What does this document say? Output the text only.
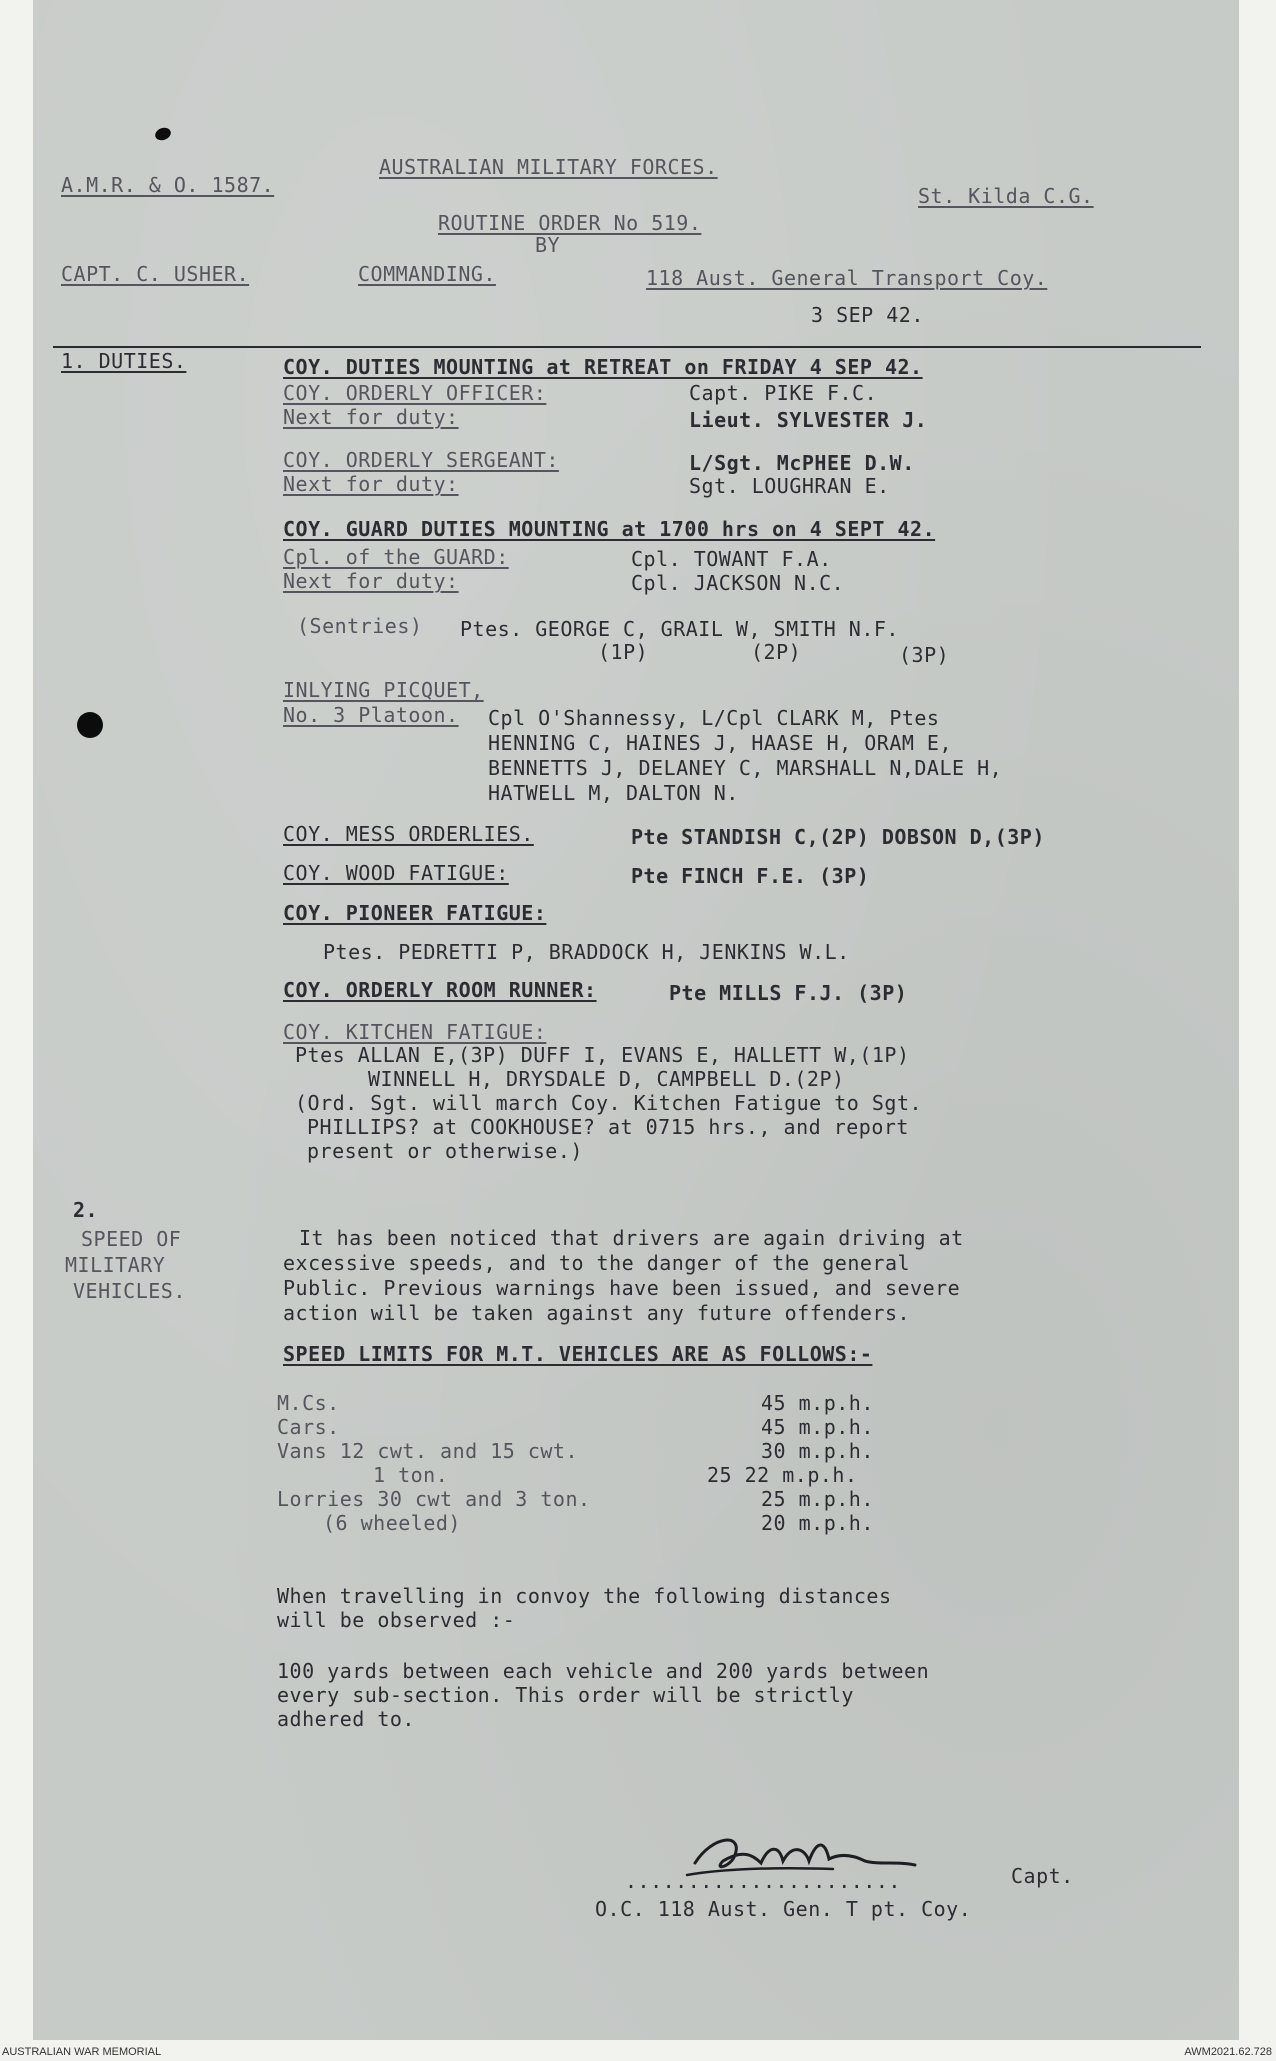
A.M.R. & O. 1587.
AUSTRALIAN MILITARY FORCES.
St. Kilda C.G.
ROUTINE ORDER No 519.
BY
CAPT. C. USHER.	COMMANDING.	118 Aust. General Transport Coy.
3 SEP 42.
1. DUTIES.	COY. DUTIES MOUNTING at RETREAT on FRIDAY 4 SEP 42.
COY. ORDERLY OFFICER:	Capt. PIKE F.C.
Next for duty:	Lieut. SYLVESTER J.
COY. ORDERLY SERGEANT:	L/Sgt. McPHEE D.W.
Next for duty:	Sgt. LOUGHRAN E.
COY. GUARD DUTIES MOUNTING at 1700 hrs on 4 SEPT 42.
Cpl. of the GUARD:	Cpl. TOWANT F.A.
Next for duty:	Cpl. JACKSON N.C.
(Sentries) Ptes. GEORGE C, GRAIL W, SMITH N.F.
(1P)	(2P)	(3P)
INLYING PICQUET,
No. 3 Platoon. Cpl O'Shannessy, L/Cpl CLARK M, Ptes
HENNING C, HAINES J, HAASE H, ORAM E,
BENNETTS J, DELANEY C, MARSHALL N,DALE H,
HATWELL M, DALTON N.
COY. MESS ORDERLIES.	Pte STANDISH C,(2P) DOBSON D,(3P)
COY. WOOD FATIGUE:	Pte FINCH F.E. (3P)
COY. PIONEER FATIGUE:
Ptes. PEDRETTI P, BRADDOCK H, JENKINS W.L.
COY. ORDERLY ROOM RUNNER:	Pte MILLS F.J. (3P)
COY. KITCHEN FATIGUE:
Ptes ALLAN E,(3P) DUFF I, EVANS E, HALLETT W,(1P)
WINNELL H, DRYSDALE D, CAMPBELL D.(2P)
(Ord. Sgt. will march Coy. Kitchen Fatigue to Sgt.
PHILLIPS? at COOKHOUSE? at 0715 hrs., and report
present or otherwise.)
2.
SPEED OF
MILITARY
VEHICLES.
It has been noticed that drivers are again driving at
excessive speeds, and to the danger of the general
Public. Previous warnings have been issued, and severe
action will be taken against any future offenders.
SPEED LIMITS FOR M.T. VEHICLES ARE AS FOLLOWS:-
M.Cs.	45 m.p.h.
Cars.	45 m.p.h.
Vans 12 cwt. and 15 cwt.	30 m.p.h.
1 ton.	25 22 m.p.h.
Lorries 30 cwt and 3 ton.	25 m.p.h.
(6 wheeled)	20 m.p.h.
When travelling in convoy the following distances
will be observed :-
100 yards between each vehicle and 200 yards between
every sub-section. This order will be strictly
adhered to.
......................	Capt.
O.C. 118 Aust. Gen. T pt. Coy.
AUSTRALIAN WAR MEMORIAL	AWM2021.62.728
